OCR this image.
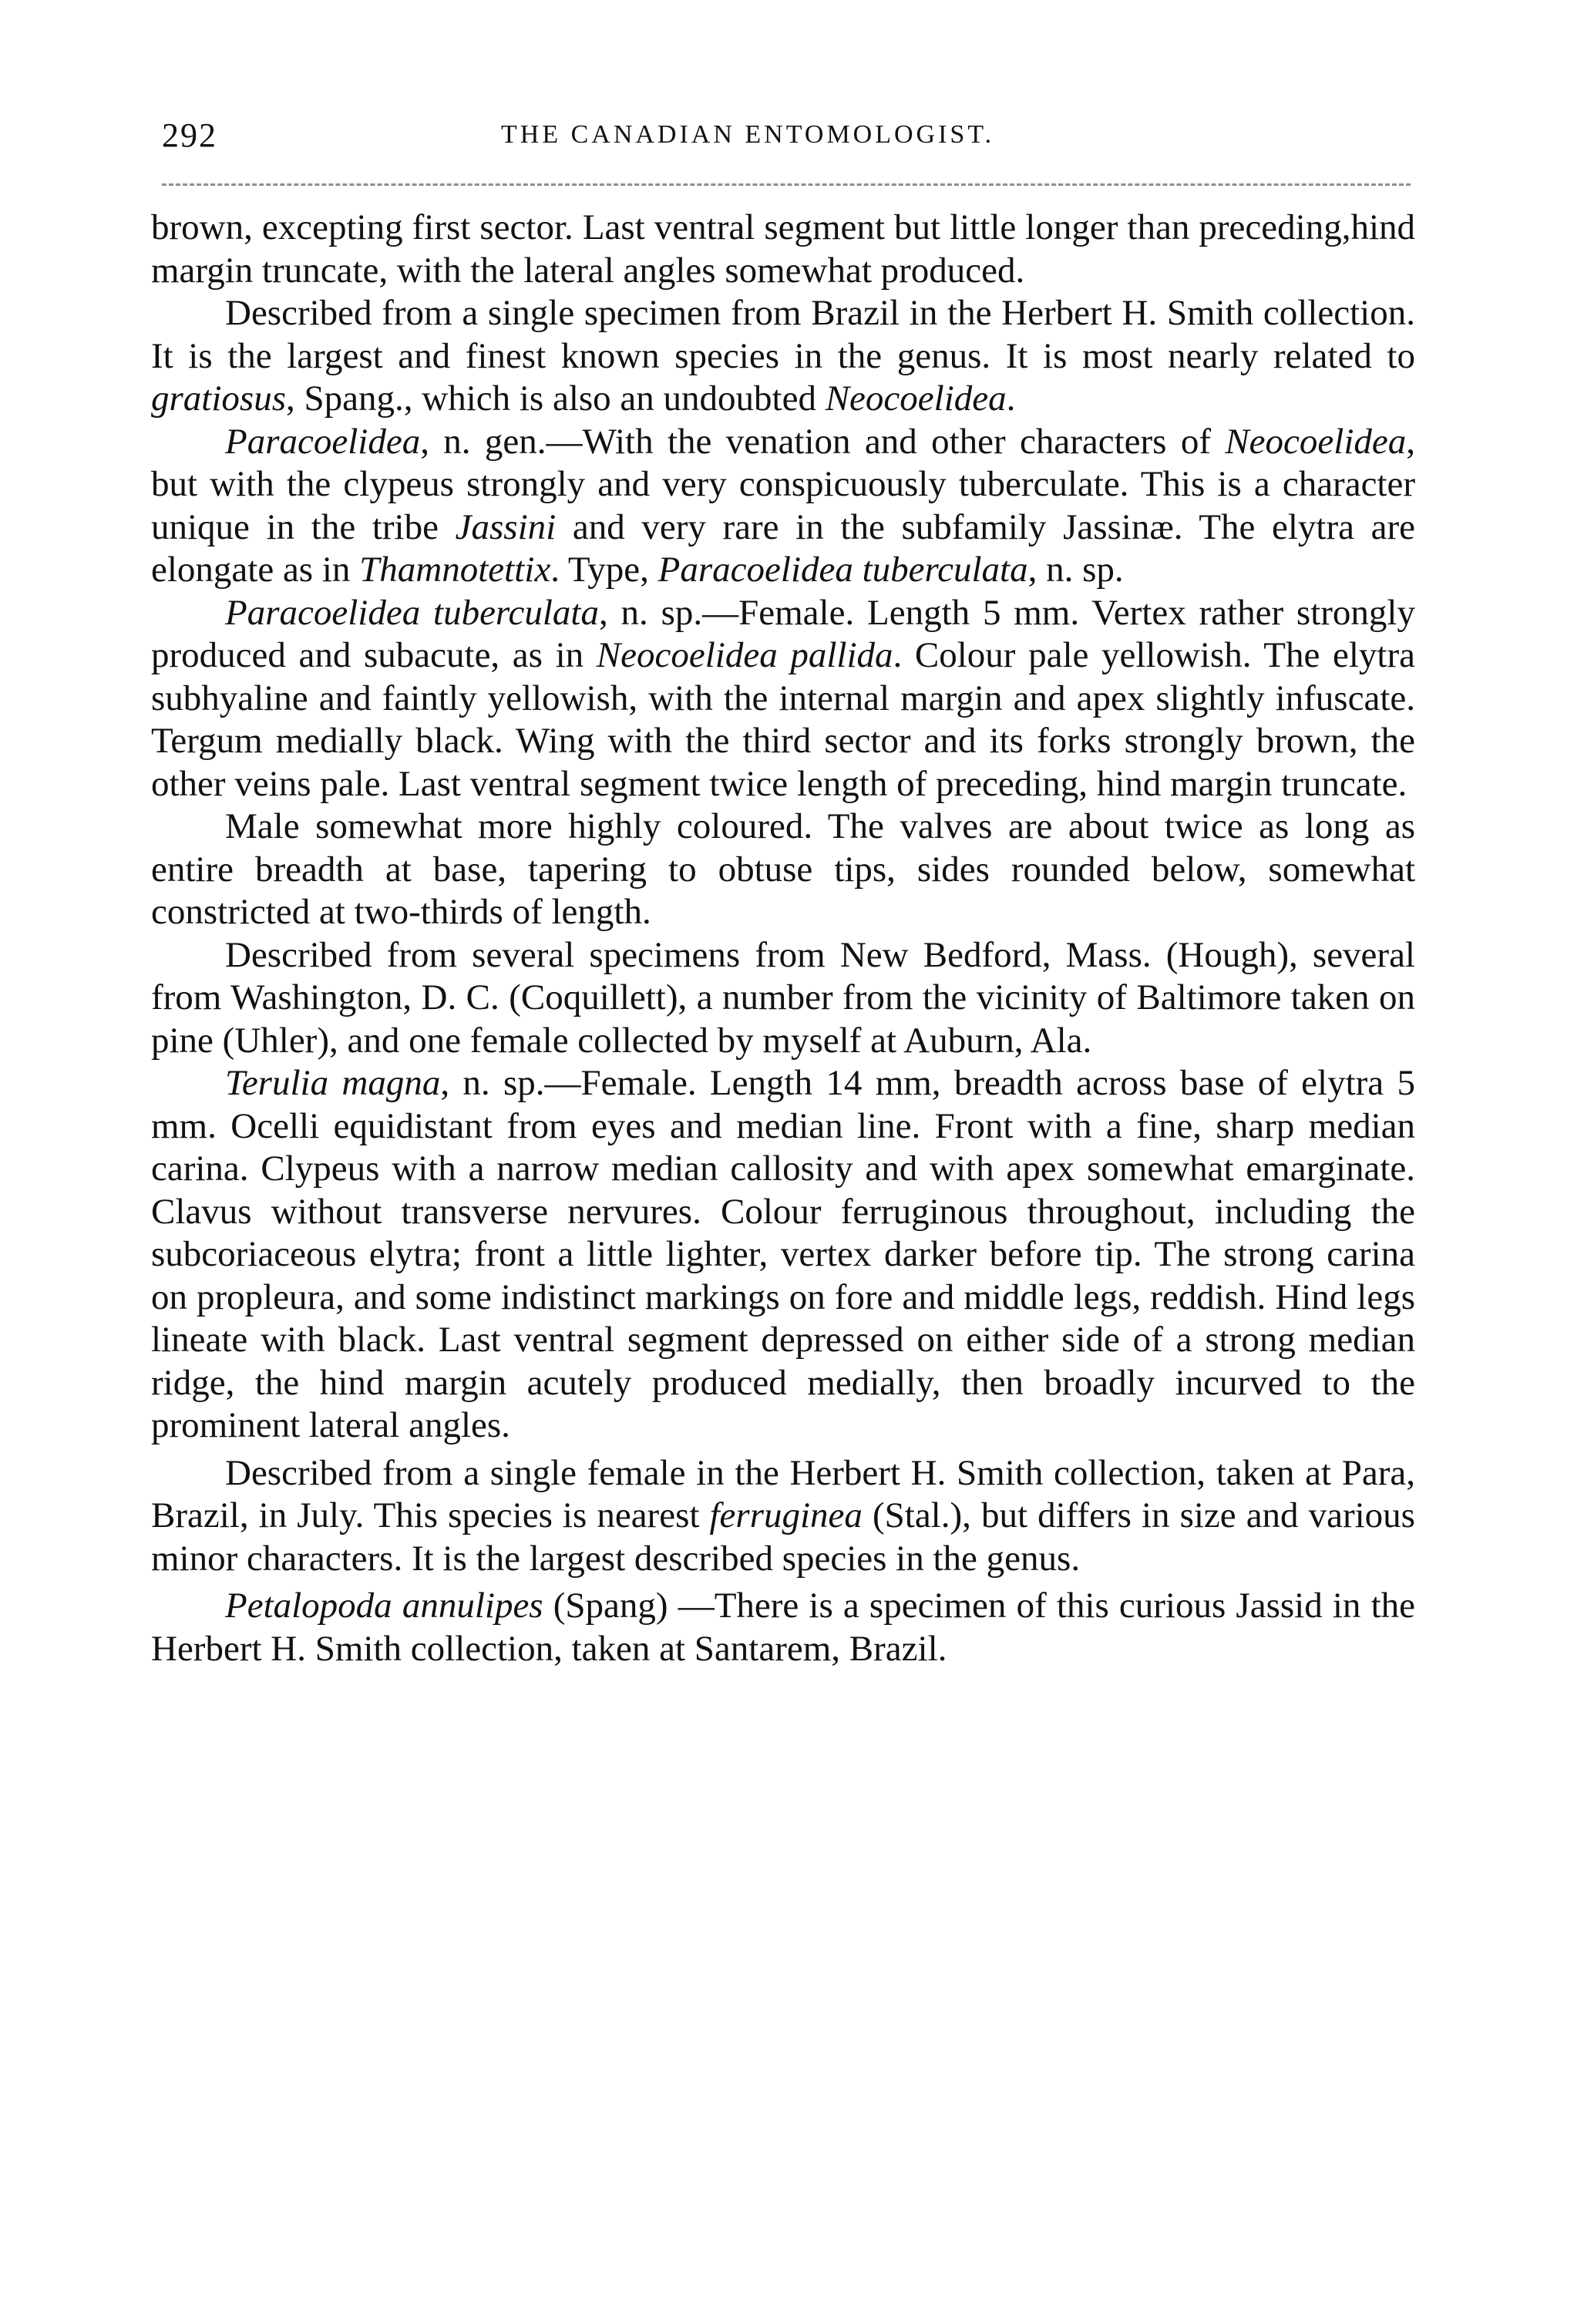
292	THE CANADIAN ENTOMOLOGIST.

brown, excepting first sector. Last ventral segment but little longer than preceding,hind margin truncate, with the lateral angles somewhat produced.

Described from a single specimen from Brazil in the Herbert H. Smith collection. It is the largest and finest known species in the genus. It is most nearly related to gratiosus, Spang., which is also an undoubted Neocoelidea.

Paracoelidea, n. gen.—With the venation and other characters of Neocoelidea, but with the clypeus strongly and very conspicuously tuberculate. This is a character unique in the tribe Jassini and very rare in the subfamily Jassinæ. The elytra are elongate as in Thamnotettix. Type, Paracoelidea tuberculata, n. sp.

Paracoelidea tuberculata, n. sp.—Female. Length 5 mm. Vertex rather strongly produced and subacute, as in Neocoelidea pallida. Colour pale yellowish. The elytra subhyaline and faintly yellowish, with the internal margin and apex slightly infuscate. Tergum medially black. Wing with the third sector and its forks strongly brown, the other veins pale. Last ventral segment twice length of preceding, hind margin truncate.

Male somewhat more highly coloured. The valves are about twice as long as entire breadth at base, tapering to obtuse tips, sides rounded below, somewhat constricted at two-thirds of length.

Described from several specimens from New Bedford, Mass. (Hough), several from Washington, D. C. (Coquillett), a number from the vicinity of Baltimore taken on pine (Uhler), and one female collected by myself at Auburn, Ala.

Terulia magna, n. sp.—Female. Length 14 mm, breadth across base of elytra 5 mm. Ocelli equidistant from eyes and median line. Front with a fine, sharp median carina. Clypeus with a narrow median callosity and with apex somewhat emarginate. Clavus without transverse nervures. Colour ferruginous throughout, including the subcoriaceous elytra; front a little lighter, vertex darker before tip. The strong carina on propleura, and some indistinct markings on fore and middle legs, reddish. Hind legs lineate with black. Last ventral segment depressed on either side of a strong median ridge, the hind margin acutely produced medially, then broadly incurved to the prominent lateral angles.

Described from a single female in the Herbert H. Smith collection, taken at Para, Brazil, in July. This species is nearest ferruginea (Stal.), but differs in size and various minor characters. It is the largest described species in the genus.

Petalopoda annulipes (Spang) —There is a specimen of this curious Jassid in the Herbert H. Smith collection, taken at Santarem, Brazil.
